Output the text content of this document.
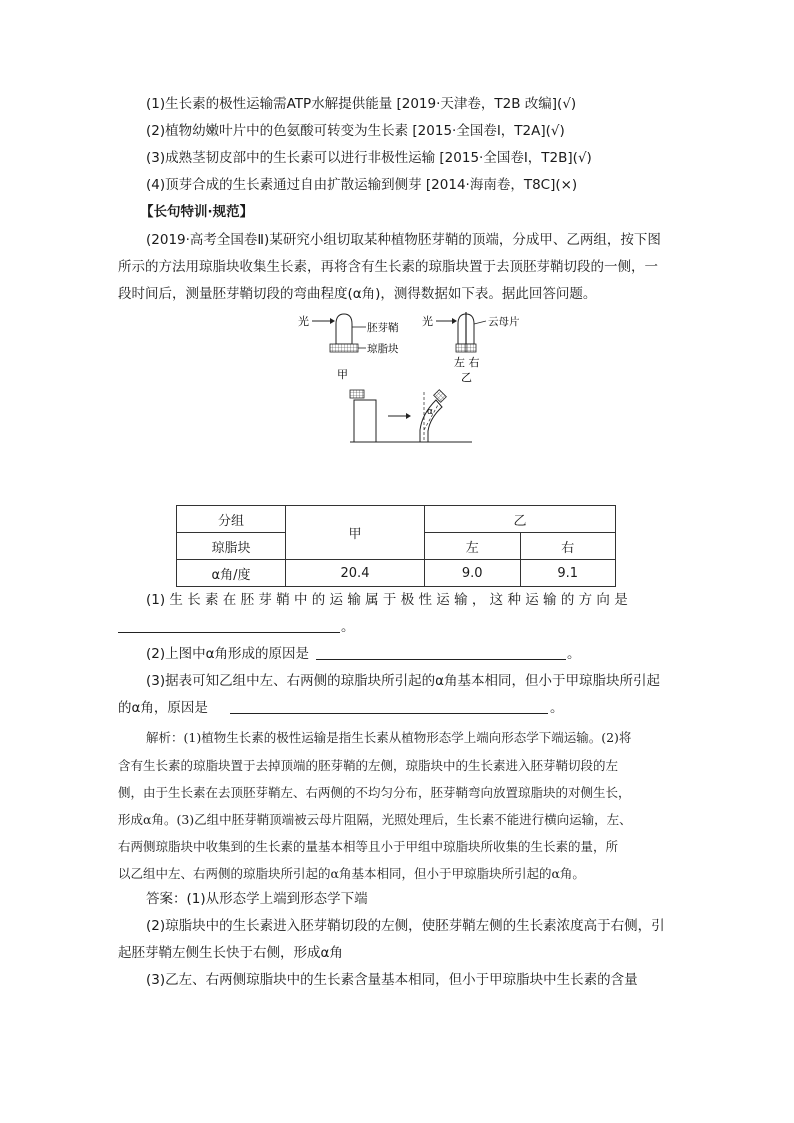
(1)生长素的极性运输需ATP水解提供能量 [2019·天津卷，T2B 改编](√)
(2)植物幼嫩叶片中的色氨酸可转变为生长素 [2015·全国卷Ⅰ，T2A](√)
(3)成熟茎韧皮部中的生长素可以进行非极性运输 [2015·全国卷Ⅰ，T2B](√)
(4)顶芽合成的生长素通过自由扩散运输到侧芽 [2014·海南卷，T8C](×)
【长句特训·规范】
(2019·高考全国卷Ⅱ)某研究小组切取某种植物胚芽鞘的顶端，分成甲、乙两组，按下图
所示的方法用琼脂块收集生长素，再将含有生长素的琼脂块置于去顶胚芽鞘切段的一侧，一
段时间后，测量胚芽鞘切段的弯曲程度(α角)，测得数据如下表。据此回答问题。
光	胚芽鞘
琼脂块
甲
光	云母片
左 右
乙
α
分组	甲	乙	
琼脂块		左	右
α角/度	20.4	9.0	9.1
(1) 生 长 素 在 胚 芽 鞘 中 的 运 输 属 于 极 性 运 输 ， 这 种 运 输 的 方 向 是
。
(2)上图中α角形成的原因是	。
(3)据表可知乙组中左、右两侧的琼脂块所引起的α角基本相同，但小于甲琼脂块所引起
的α角，原因是	。
解析：(1)植物生长素的极性运输是指生长素从植物形态学上端向形态学下端运输。(2)将
含有生长素的琼脂块置于去掉顶端的胚芽鞘的左侧，琼脂块中的生长素进入胚芽鞘切段的左
侧，由于生长素在去顶胚芽鞘左、右两侧的不均匀分布，胚芽鞘弯向放置琼脂块的对侧生长，
形成α角。(3)乙组中胚芽鞘顶端被云母片阻隔，光照处理后，生长素不能进行横向运输，左、
右两侧琼脂块中收集到的生长素的量基本相等且小于甲组中琼脂块所收集的生长素的量，所
以乙组中左、右两侧的琼脂块所引起的α角基本相同，但小于甲琼脂块所引起的α角。
答案：(1)从形态学上端到形态学下端
(2)琼脂块中的生长素进入胚芽鞘切段的左侧，使胚芽鞘左侧的生长素浓度高于右侧，引
起胚芽鞘左侧生长快于右侧，形成α角
(3)乙左、右两侧琼脂块中的生长素含量基本相同，但小于甲琼脂块中生长素的含量
